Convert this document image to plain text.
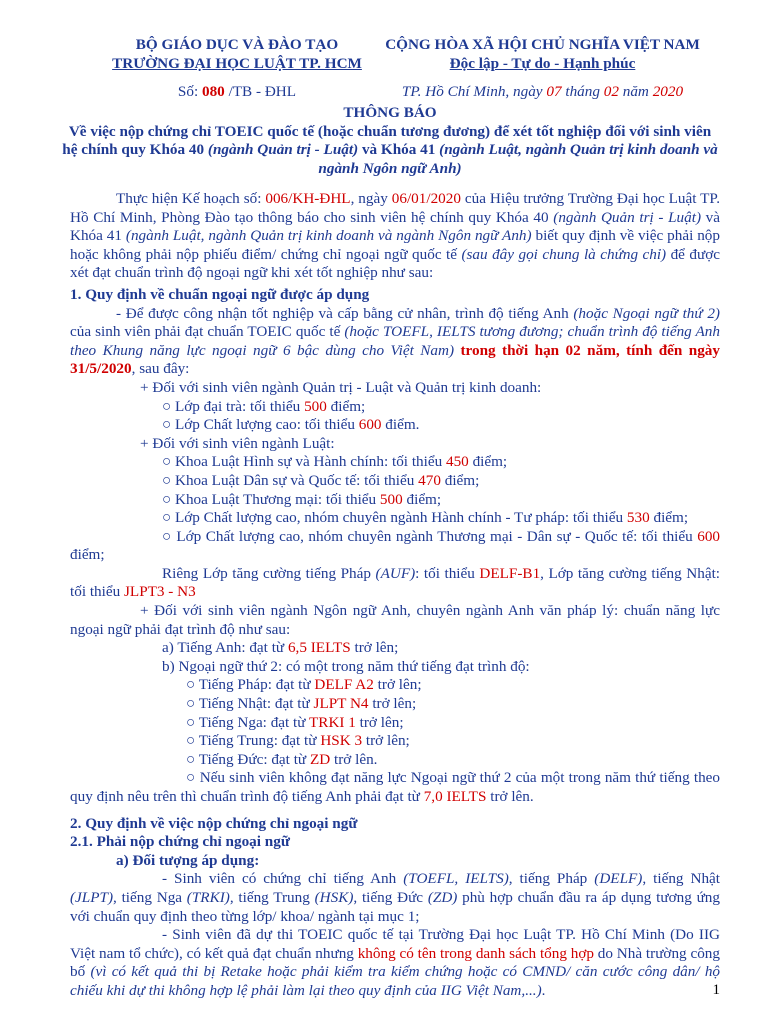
BỘ GIÁO DỤC VÀ ĐÀO TẠO
TRƯỜNG ĐẠI HỌC LUẬT TP. HCM
Số: 080 /TB - ĐHL
CỘNG HÒA XÃ HỘI CHỦ NGHĨA VIỆT NAM
Độc lập - Tự do - Hạnh phúc
TP. Hồ Chí Minh, ngày 07 tháng 02 năm 2020
THÔNG BÁO
Về việc nộp chứng chỉ TOEIC quốc tế (hoặc chuẩn tương đương) để xét tốt nghiệp đối với sinh viên hệ chính quy Khóa 40 (ngành Quản trị - Luật) và Khóa 41 (ngành Luật, ngành Quản trị kinh doanh và ngành Ngôn ngữ Anh)

Thực hiện Kế hoạch số: 006/KH-ĐHL, ngày 06/01/2020 của Hiệu trưởng Trường Đại học Luật TP. Hồ Chí Minh, Phòng Đào tạo thông báo cho sinh viên hệ chính quy Khóa 40 (ngành Quản trị - Luật) và Khóa 41 (ngành Luật, ngành Quản trị kinh doanh và ngành Ngôn ngữ Anh) biết quy định về việc phải nộp hoặc không phải nộp phiếu điểm/ chứng chỉ ngoại ngữ quốc tế (sau đây gọi chung là chứng chỉ) để được xét đạt chuẩn trình độ ngoại ngữ khi xét tốt nghiệp như sau:

1. Quy định về chuẩn ngoại ngữ được áp dụng

- Để được công nhận tốt nghiệp và cấp bằng cử nhân, trình độ tiếng Anh (hoặc Ngoại ngữ thứ 2) của sinh viên phải đạt chuẩn TOEIC quốc tế (hoặc TOEFL, IELTS tương đương; chuẩn trình độ tiếng Anh theo Khung năng lực ngoại ngữ 6 bậc dùng cho Việt Nam) trong thời hạn 02 năm, tính đến ngày 31/5/2020, sau đây:

+ Đối với sinh viên ngành Quản trị - Luật và Quản trị kinh doanh:

○ Lớp đại trà: tối thiểu 500 điểm;

○ Lớp Chất lượng cao: tối thiểu 600 điểm.

+ Đối với sinh viên ngành Luật:

○ Khoa Luật Hình sự và Hành chính: tối thiểu 450 điểm;

○ Khoa Luật Dân sự và Quốc tế: tối thiểu 470 điểm;

○ Khoa Luật Thương mại: tối thiểu 500 điểm;

○ Lớp Chất lượng cao, nhóm chuyên ngành Hành chính - Tư pháp: tối thiểu 530 điểm;

○ Lớp Chất lượng cao, nhóm chuyên ngành Thương mại - Dân sự - Quốc tế: tối thiểu 600 điểm;

Riêng Lớp tăng cường tiếng Pháp (AUF): tối thiểu DELF-B1, Lớp tăng cường tiếng Nhật: tối thiểu JLPT3 - N3

+ Đối với sinh viên ngành Ngôn ngữ Anh, chuyên ngành Anh văn pháp lý: chuẩn năng lực ngoại ngữ phải đạt trình độ như sau:

a) Tiếng Anh: đạt từ 6,5 IELTS trở lên;

b) Ngoại ngữ thứ 2: có một trong năm thứ tiếng đạt trình độ:

○ Tiếng Pháp: đạt từ DELF A2 trở lên;

○ Tiếng Nhật: đạt từ JLPT N4 trở lên;

○ Tiếng Nga: đạt từ TRKI 1 trở lên;

○ Tiếng Trung: đạt từ HSK 3 trở lên;

○ Tiếng Đức: đạt từ ZD trở lên.

○ Nếu sinh viên không đạt năng lực Ngoại ngữ thứ 2 của một trong năm thứ tiếng theo quy định nêu trên thì chuẩn trình độ tiếng Anh phải đạt từ 7,0 IELTS trở lên.

2. Quy định về việc nộp chứng chỉ ngoại ngữ

2.1. Phải nộp chứng chỉ ngoại ngữ

a) Đối tượng áp dụng:

- Sinh viên có chứng chỉ tiếng Anh (TOEFL, IELTS), tiếng Pháp (DELF), tiếng Nhật (JLPT), tiếng Nga (TRKI), tiếng Trung (HSK), tiếng Đức (ZD) phù hợp chuẩn đầu ra áp dụng tương ứng với chuẩn quy định theo từng lớp/ khoa/ ngành tại mục 1;

- Sinh viên đã dự thi TOEIC quốc tế tại Trường Đại học Luật TP. Hồ Chí Minh (Do IIG Việt nam tổ chức), có kết quả đạt chuẩn nhưng không có tên trong danh sách tổng hợp do Nhà trường công bố (vì có kết quả thi bị Retake hoặc phải kiểm tra kiểm chứng hoặc có CMND/ căn cước công dân/ hộ chiếu khi dự thi không hợp lệ phải làm lại theo quy định của IIG Việt Nam,...).	1
